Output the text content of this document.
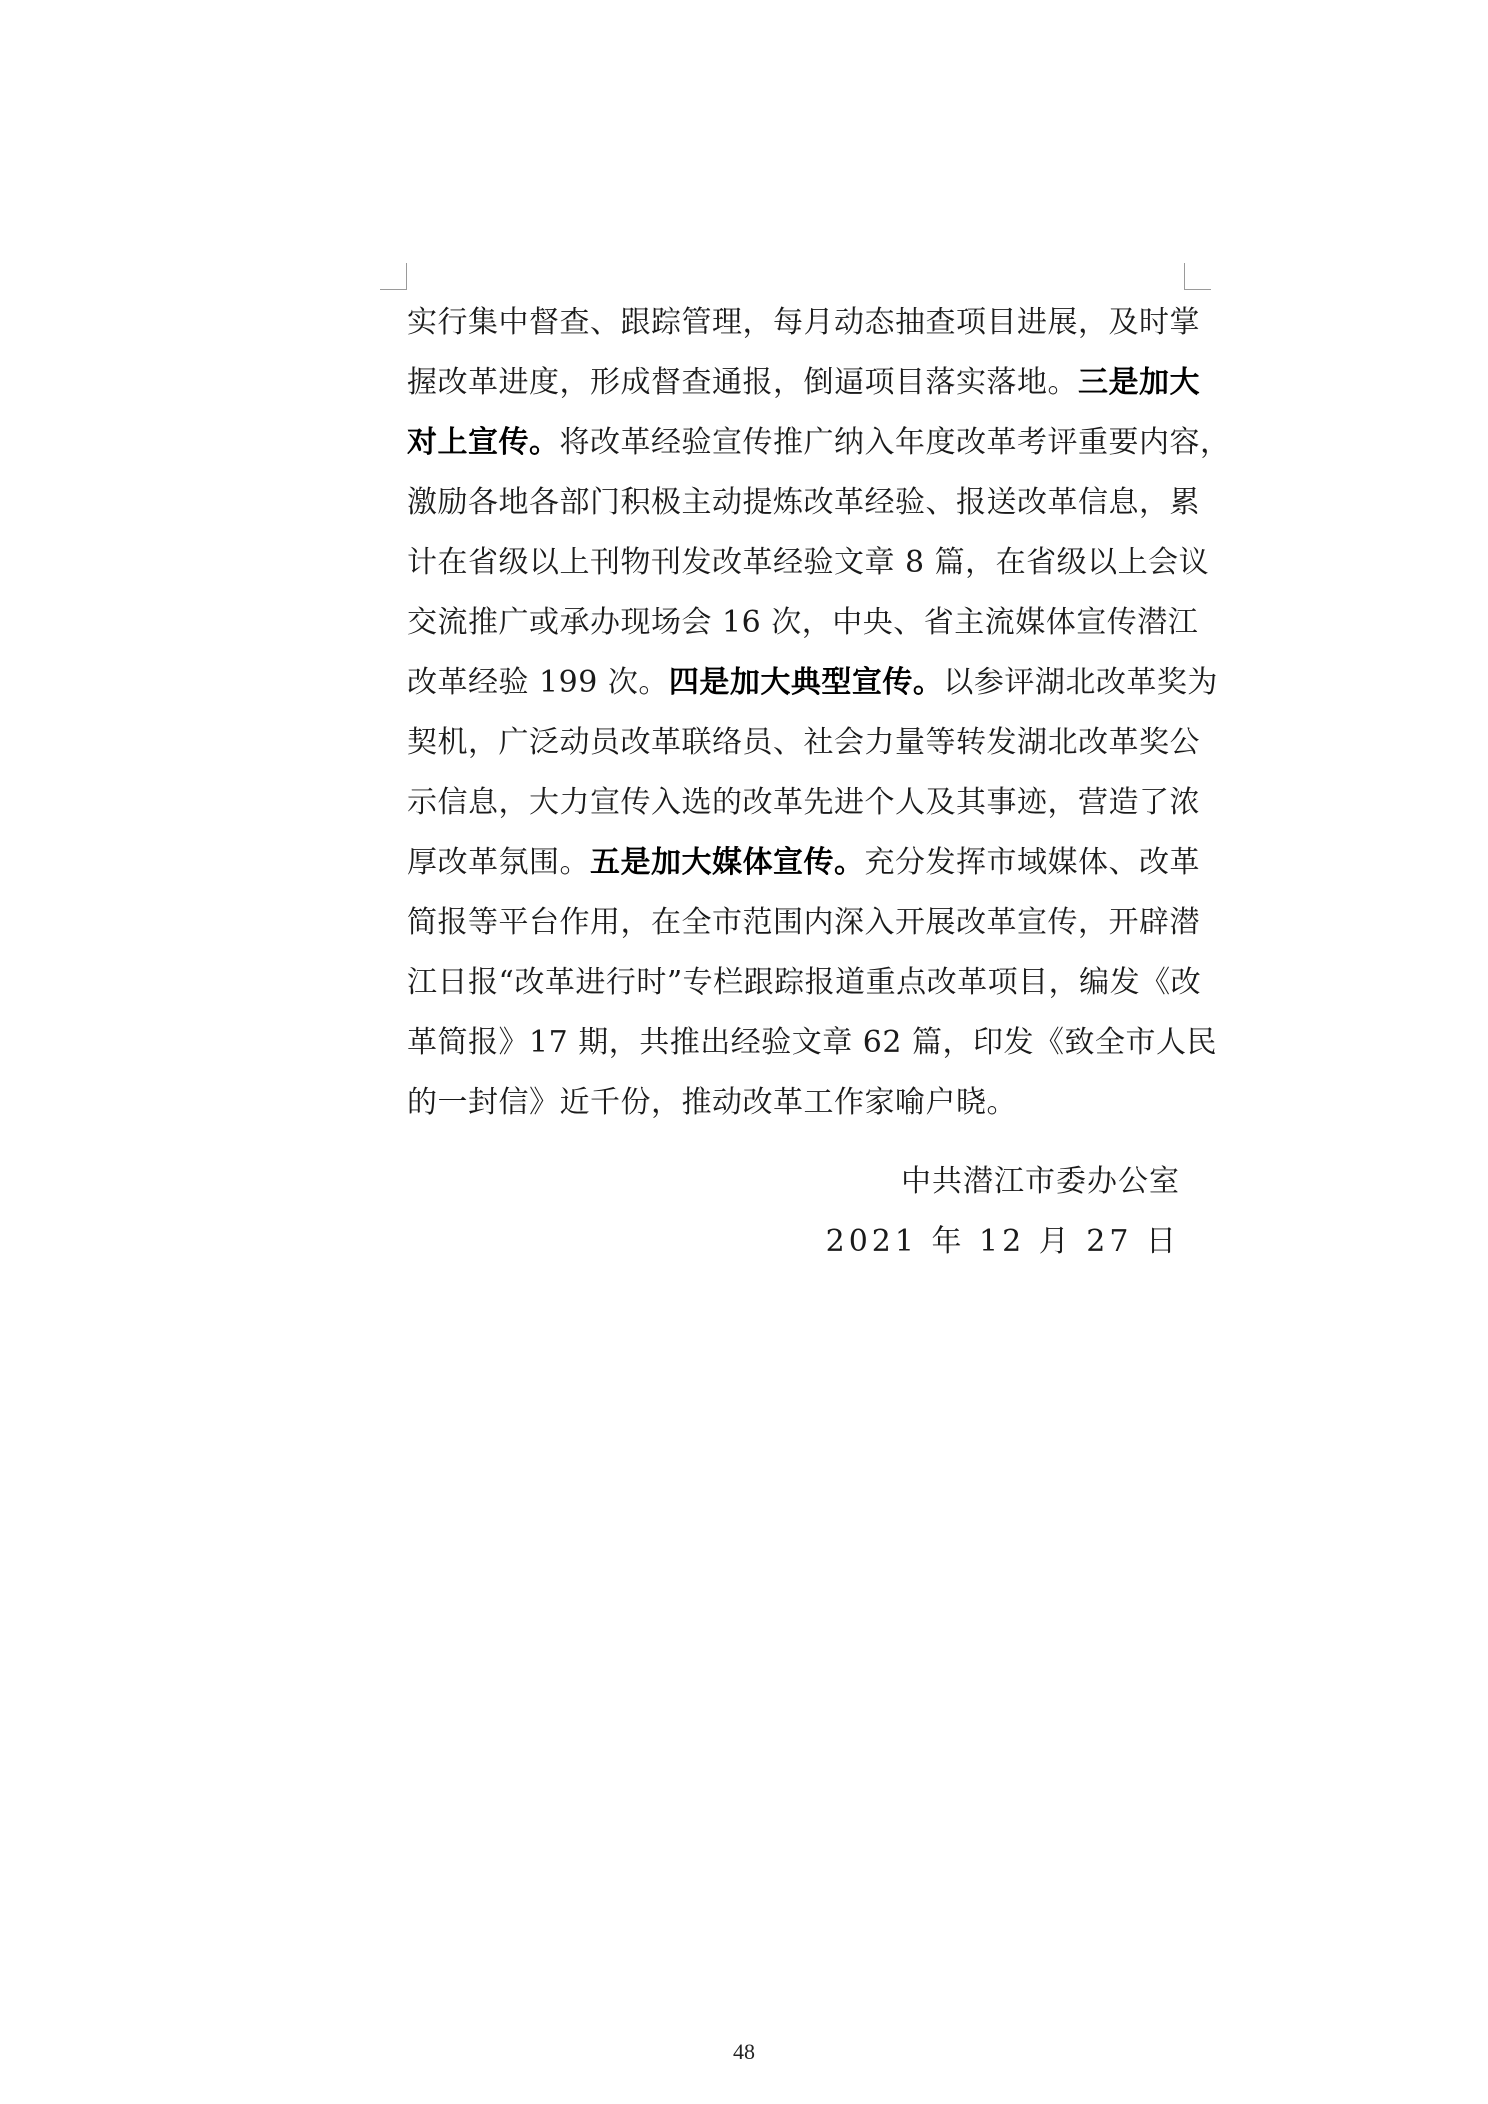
实行集中督查、跟踪管理，每月动态抽查项目进展，及时掌
握改革进度，形成督查通报，倒逼项目落实落地。三是加大
对上宣传。将改革经验宣传推广纳入年度改革考评重要内容，
激励各地各部门积极主动提炼改革经验、报送改革信息，累
计在省级以上刊物刊发改革经验文章 8 篇，在省级以上会议
交流推广或承办现场会 16 次，中央、省主流媒体宣传潜江
改革经验 199 次。四是加大典型宣传。以参评湖北改革奖为
契机，广泛动员改革联络员、社会力量等转发湖北改革奖公
示信息，大力宣传入选的改革先进个人及其事迹，营造了浓
厚改革氛围。五是加大媒体宣传。充分发挥市域媒体、改革
简报等平台作用，在全市范围内深入开展改革宣传，开辟潜
江日报“改革进行时”专栏跟踪报道重点改革项目，编发《改
革简报》17 期，共推出经验文章 62 篇，印发《致全市人民
的一封信》近千份，推动改革工作家喻户晓。
中共潜江市委办公室
2021 年 12 月 27 日
48
